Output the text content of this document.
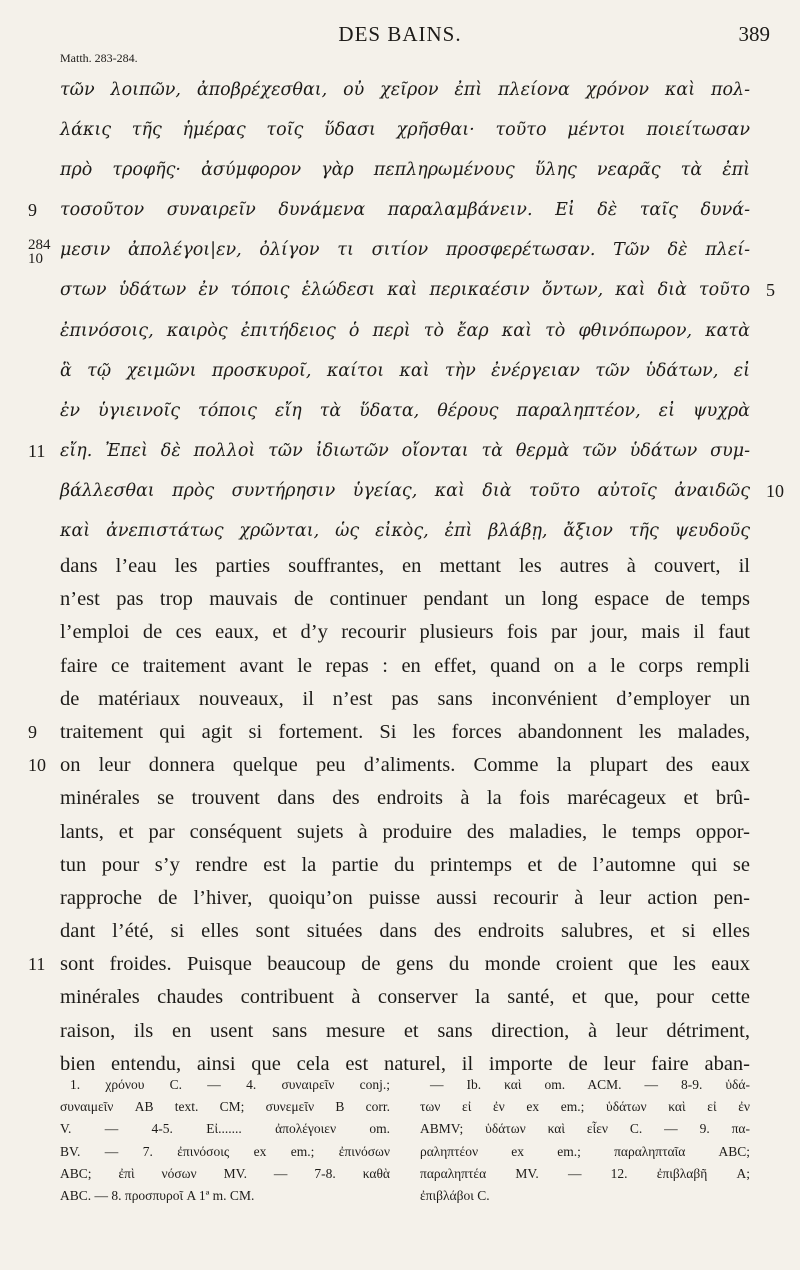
DES BAINS.	389
Matth. 283-284.
τῶν λοιπῶν, ἀποβρέχεσθαι, οὐ χεῖρον ἐπὶ πλείονα χρόνον καὶ πολ-
λάκις τῆς ἡμέρας τοῖς ὕδασι χρῆσθαι· τοῦτο μέντοι ποιείτωσαν
πρὸ τροφῆς· ἀσύμφορον γὰρ πεπληρωμένους ὕλης νεαρᾶς τὰ ἐπὶ
9	τοσοῦτον συναιρεῖν δυνάμενα παραλαμβάνειν. Εἰ δὲ ταῖς δυνά-
284
10 μεσιν ἀπολέγοι|εν, ὀλίγον τι σιτίον προσφερέτωσαν. Τῶν δὲ πλεί-
5
στων ὑδάτων ἐν τόποις ἑλώδεσι καὶ περικαέσιν ὄντων, καὶ διὰ τοῦτο
ἐπινόσοις, καιρὸς ἐπιτήδειος ὁ περὶ τὸ ἔαρ καὶ τὸ φθινόπωρον, κατὰ
ἃ τῷ χειμῶνι προσκυροῖ, καίτοι καὶ τὴν ἐνέργειαν τῶν ὑδάτων, εἰ
ἐν ὑγιεινοῖς τόποις εἴη τὰ ὕδατα, θέρους παραληπτέον, εἰ ψυχρὰ
11 εἴη. Ἐπεὶ δὲ πολλοὶ τῶν ἰδιωτῶν οἴονται τὰ θερμὰ τῶν ὑδάτων συμ-
10
βάλλεσθαι πρὸς συντήρησιν ὑγείας, καὶ διὰ τοῦτο αὐτοῖς ἀναιδῶς
καὶ ἀνεπιστάτως χρῶνται, ὡς εἰκὸς, ἐπὶ βλάβῃ, ἄξιον τῆς ψευδοῦς
dans l’eau les parties souffrantes, en mettant les autres à couvert, il
n’est pas trop mauvais de continuer pendant un long espace de temps
l’emploi de ces eaux, et d’y recourir plusieurs fois par jour, mais il faut
faire ce traitement avant le repas : en effet, quand on a le corps rempli
de matériaux nouveaux, il n’est pas sans inconvénient d’employer un
9	traitement qui agit si fortement. Si les forces abandonnent les malades,
10 on leur donnera quelque peu d’aliments. Comme la plupart des eaux
minérales se trouvent dans des endroits à la fois marécageux et brû-
lants, et par conséquent sujets à produire des maladies, le temps oppor-
tun pour s’y rendre est la partie du printemps et de l’automne qui se
rapproche de l’hiver, quoiqu’on puisse aussi recourir à leur action pen-
dant l’été, si elles sont situées dans des endroits salubres, et si elles
11 sont froides. Puisque beaucoup de gens du monde croient que les eaux
minérales chaudes contribuent à conserver la santé, et que, pour cette
raison, ils en usent sans mesure et sans direction, à leur détriment,
bien entendu, ainsi que cela est naturel, il importe de leur faire aban-
1. χρόνου C. — 4. συναιρεῖν conj.;
συναιμεῖν AB text. CM; συνεμεῖν B corr.
V. — 4-5. Εἰ....... ἀπολέγοιεν om.
BV. — 7. ἐπινόσοις ex em.; ἐπινόσων
ABC; ἐπὶ νόσων MV. — 7-8. καθὰ
ABC. — 8. προσπυροῖ A 1ª m. CM.
— Ib. καὶ om. ACM. — 8-9. ὑδά-
των εἰ ἐν ex em.; ὑδάτων καὶ εἰ ἐν
ABMV; ὑδάτων καὶ εἶεν C. — 9. πα-
ραληπτέον ex em.; παραληπταῖα ABC;
παραληπτέα MV. — 12. ἐπιβλαβῆ A;
ἐπιβλάβοι C.
